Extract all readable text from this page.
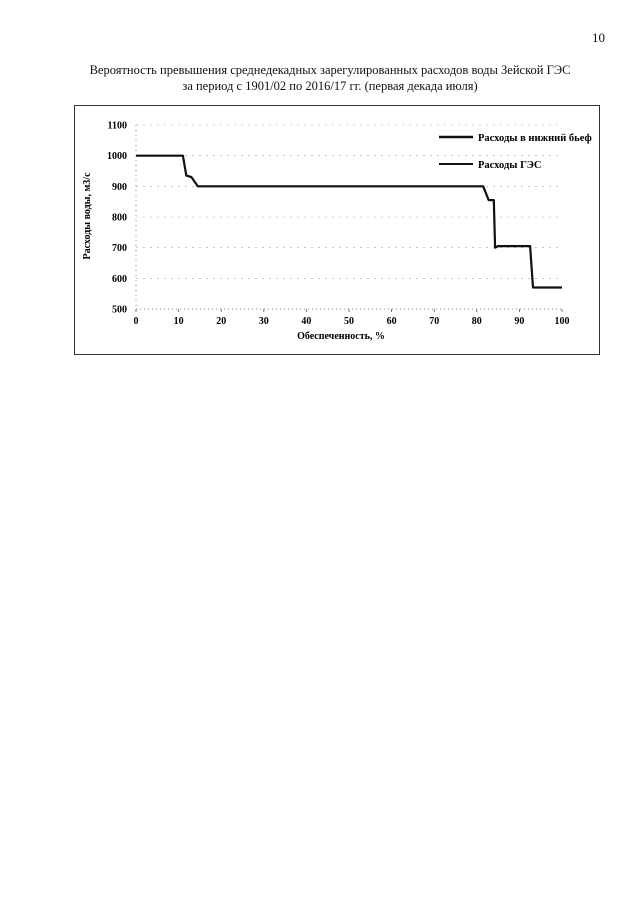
10
Вероятность превышения среднедекадных зарегулированных расходов воды Зейской ГЭС
за период с 1901/02 по 2016/17 гг. (первая декада июля)
500
600
700
800
900
1000
1100
0	10	20	30	40	50	60	70	80	90	100
Обеспеченность, %
Расходы воды, м3/с
Расходы в нижний бьеф
Расходы ГЭС
